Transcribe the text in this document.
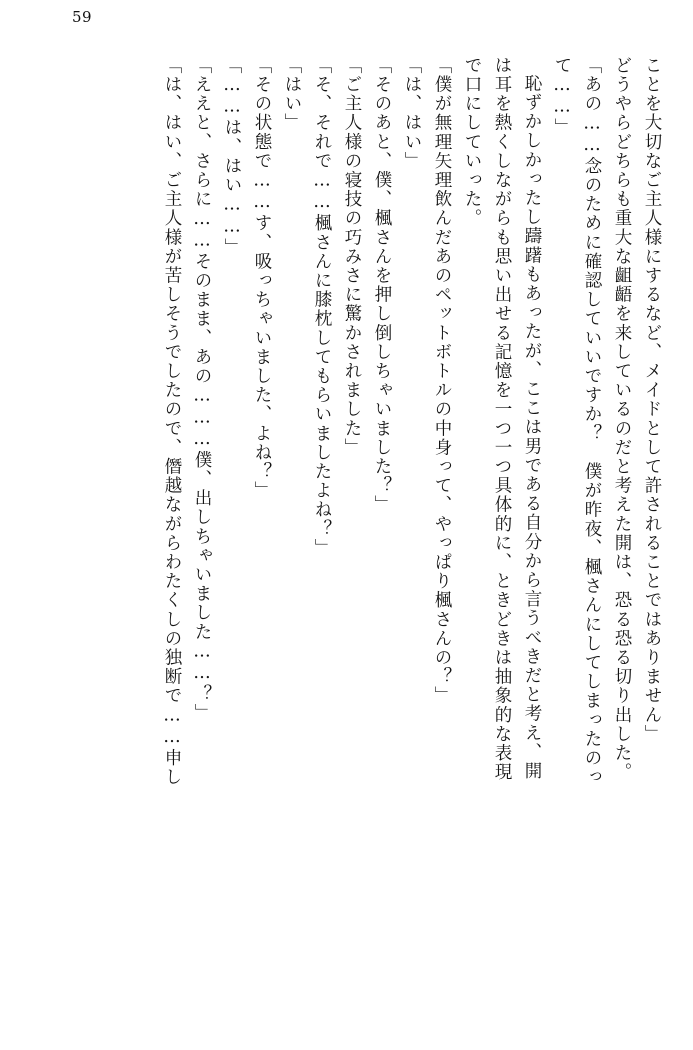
59
ことを大切なご主人様にするなど、メイドとして許されることではありません」
どうやらどちらも重大な齟齬を来しているのだと考えた開は、恐る恐る切り出した。
「あの……念のために確認していいですか？　僕が昨夜、楓さんにしてしまったのっ
て……」
恥ずかしかったし躊躇もあったが、ここは男である自分から言うべきだと考え、開
は耳を熱くしながらも思い出せる記憶を一つ一つ具体的に、ときどきは抽象的な表現
で口にしていった。
「僕が無理矢理飲んだあのペットボトルの中身って、やっぱり楓さんの？」
「は、はい」
「そのあと、僕、楓さんを押し倒しちゃいました？」
「ご主人様の寝技の巧みさに驚かされました」
「そ、それで……楓さんに膝枕してもらいましたよね？」
「はい」
「その状態で……す、吸っちゃいました、よね？」
「……は、はい……」
「ええと、さらに……そのまま、あの………僕、出しちゃいました……？」
「は、はい、ご主人様が苦しそうでしたので、僭越ながらわたくしの独断で……申し
